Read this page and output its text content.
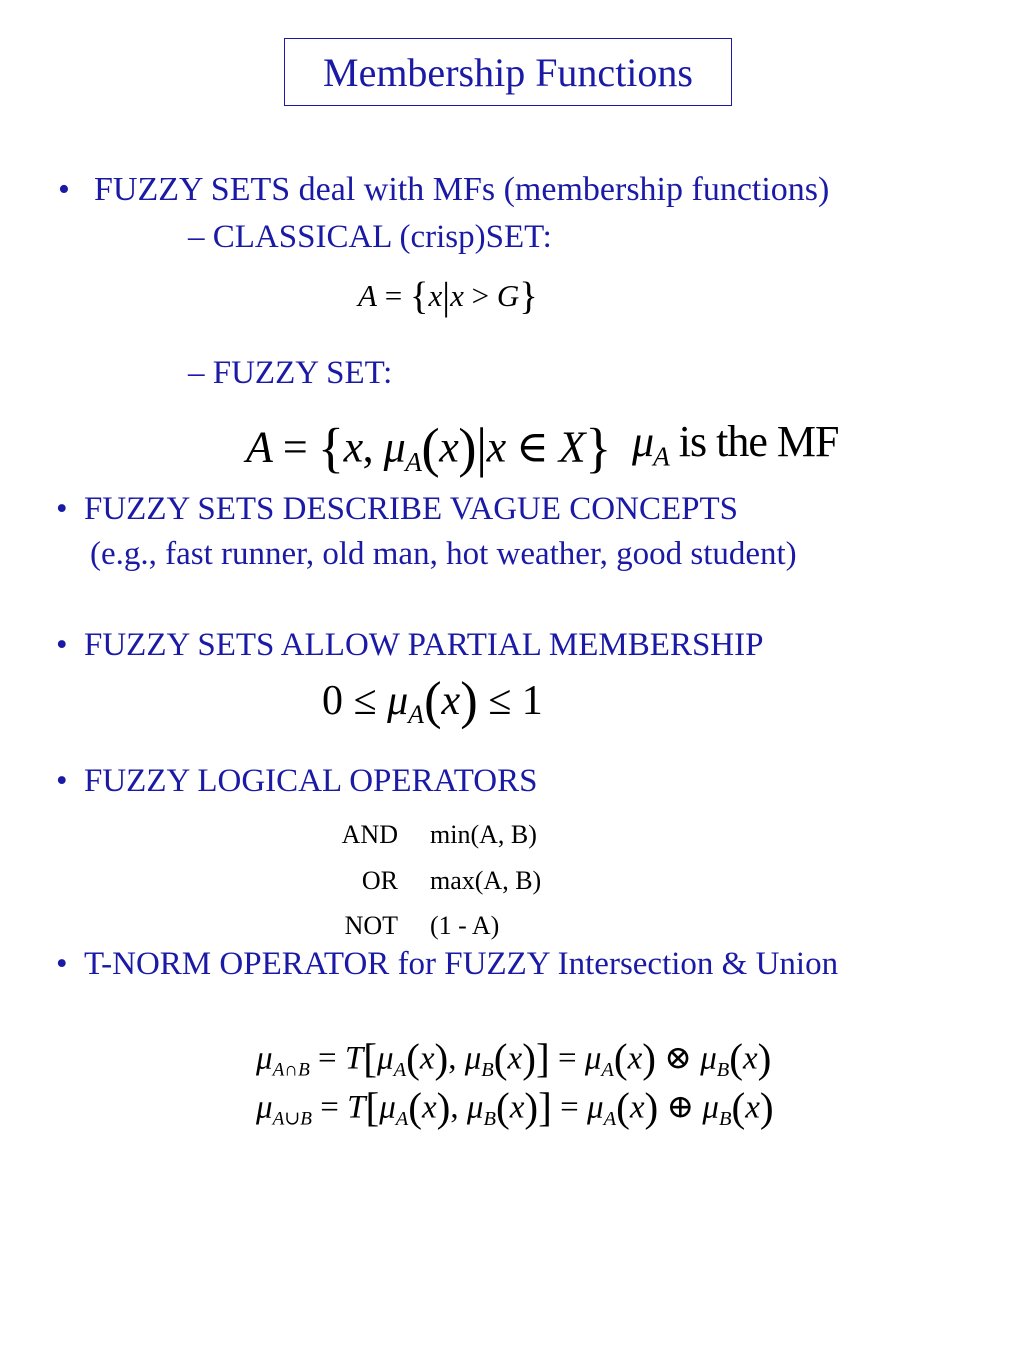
Membership Functions
• FUZZY SETS deal with MFs (membership functions)
– CLASSICAL (crisp)SET:
A = {x|x > G}
– FUZZY SET:
A = {x, $\mu_A(x)|x$ ∈ X} $\mu_A$ is the MF
• FUZZY SETS DESCRIBE VAGUE CONCEPTS
(e.g., fast runner, old man, hot weather, good student)
• FUZZY SETS ALLOW PARTIAL MEMBERSHIP
$0 \le \mu_A(x) \le 1$
• FUZZY LOGICAL OPERATORS
AND min(A, B)
OR max(A, B)
NOT (1 - A)
• T-NORM OPERATOR for FUZZY Intersection & Union
$\mu_{A\cap B} = T[\mu_A(x)$, $\mu_B(x)] = \mu_A(x)$ ⊗ $\mu_B(x)$
$\mu_{A\cup B} = T[\mu_A(x)$, $\mu_B(x)] = \mu_A(x)$ ⊕ $\mu_B(x)$
